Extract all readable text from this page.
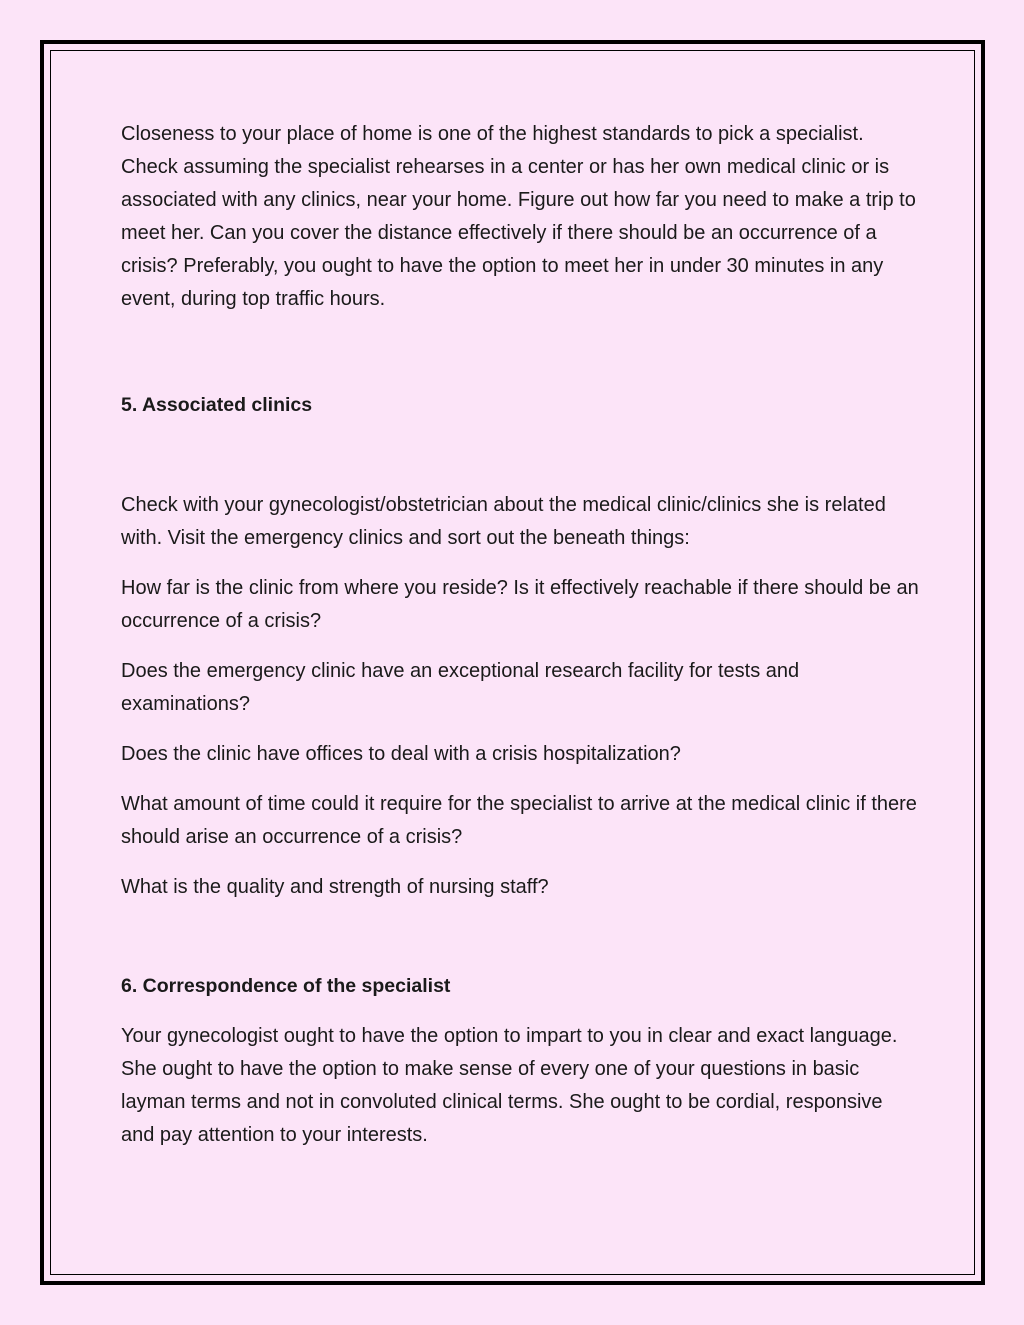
Closeness to your place of home is one of the highest standards to pick a specialist. Check assuming the specialist rehearses in a center or has her own medical clinic or is associated with any clinics, near your home. Figure out how far you need to make a trip to meet her. Can you cover the distance effectively if there should be an occurrence of a crisis? Preferably, you ought to have the option to meet her in under 30 minutes in any event, during top traffic hours.

5. Associated clinics

Check with your gynecologist/obstetrician about the medical clinic/clinics she is related with. Visit the emergency clinics and sort out the beneath things:

How far is the clinic from where you reside? Is it effectively reachable if there should be an occurrence of a crisis?

Does the emergency clinic have an exceptional research facility for tests and examinations?

Does the clinic have offices to deal with a crisis hospitalization?

What amount of time could it require for the specialist to arrive at the medical clinic if there should arise an occurrence of a crisis?

What is the quality and strength of nursing staff?

6. Correspondence of the specialist

Your gynecologist ought to have the option to impart to you in clear and exact language. She ought to have the option to make sense of every one of your questions in basic layman terms and not in convoluted clinical terms. She ought to be cordial, responsive and pay attention to your interests.
